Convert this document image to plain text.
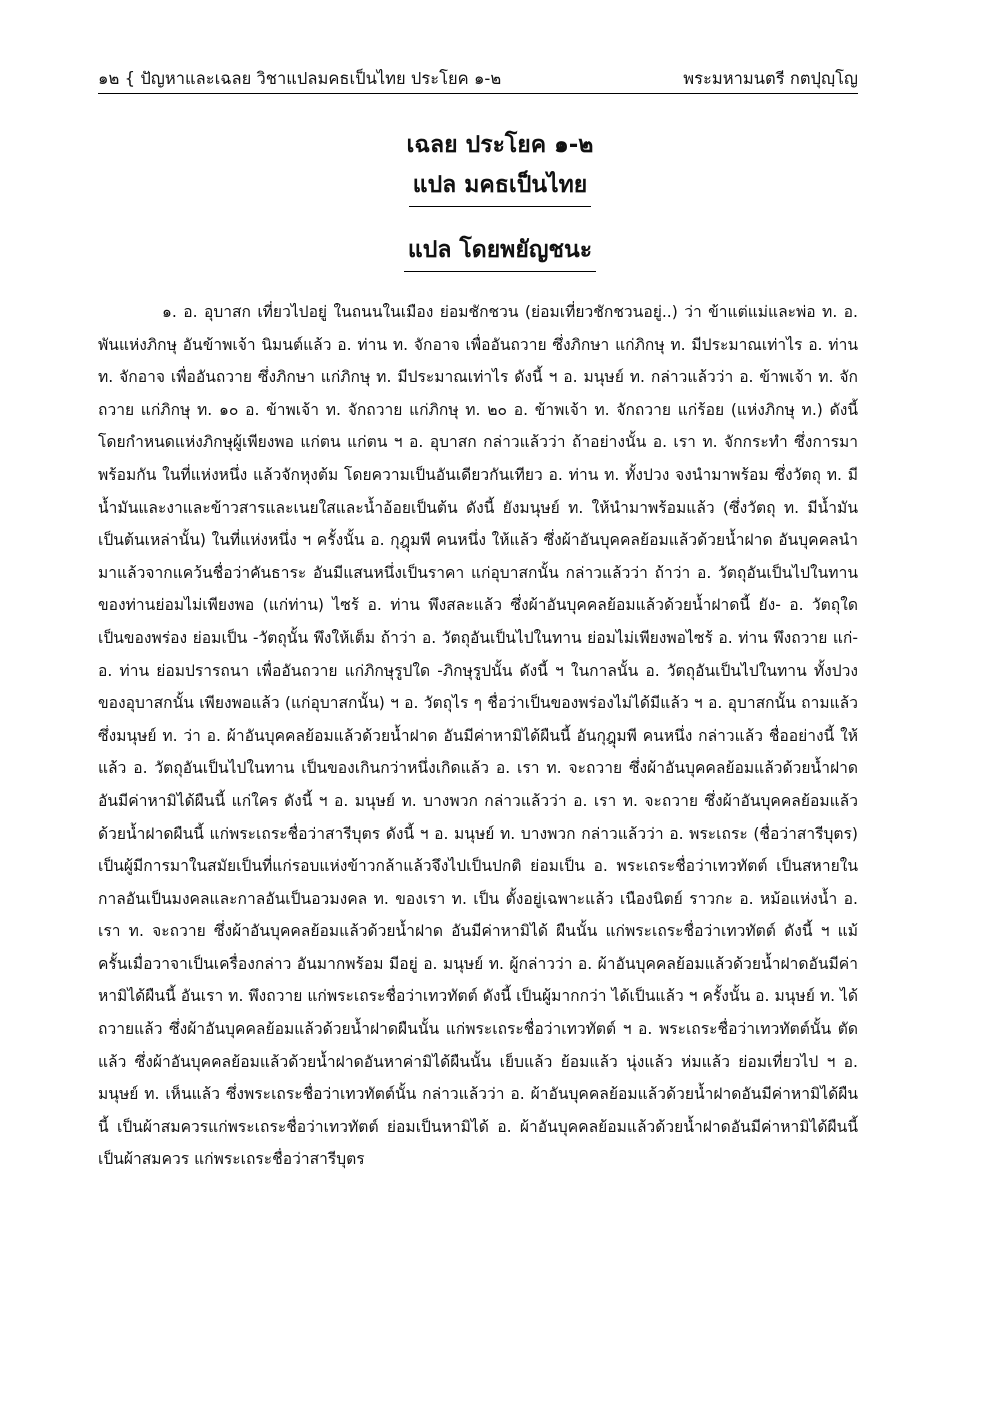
๑๒ { ปัญหาและเฉลย วิชาแปลมคธเป็นไทย ประโยค ๑-๒	พระมหามนตรี กตปุญฺโญ
เฉลย ประโยค ๑-๒
แปล มคธเป็นไทย
แปล โดยพยัญชนะ

๑. อ. อุบาสก เที่ยวไปอยู่ ในถนนในเมือง ย่อมชักชวน (ย่อมเที่ยวชักชวนอยู่..) ว่า ข้าแต่แม่และพ่อ ท. อ. พันแห่งภิกษุ อันข้าพเจ้า นิมนต์แล้ว อ. ท่าน ท. จักอาจ เพื่ออันถวาย ซึ่งภิกษา แก่ภิกษุ ท. มีประมาณเท่าไร อ. ท่าน ท. จักอาจ เพื่ออันถวาย ซึ่งภิกษา แก่ภิกษุ ท. มีประมาณเท่าไร ดังนี้ ฯ อ. มนุษย์ ท. กล่าวแล้วว่า อ. ข้าพเจ้า ท. จักถวาย แก่ภิกษุ ท. ๑๐ อ. ข้าพเจ้า ท. จักถวาย แก่ภิกษุ ท. ๒๐ อ. ข้าพเจ้า ท. จักถวาย แก่ร้อย (แห่งภิกษุ ท.) ดังนี้ โดยกำหนดแห่งภิกษุผู้เพียงพอ แก่ตน แก่ตน ฯ อ. อุบาสก กล่าวแล้วว่า ถ้าอย่างนั้น อ. เรา ท. จักกระทำ ซึ่งการมาพร้อมกัน ในที่แห่งหนึ่ง แล้วจักหุงต้ม โดยความเป็นอันเดียวกันเทียว อ. ท่าน ท. ทั้งปวง จงนำมาพร้อม ซึ่งวัตถุ ท. มีน้ำมันและงาและข้าวสารและเนยใสและน้ำอ้อยเป็นต้น ดังนี้ ยังมนุษย์ ท. ให้นำมาพร้อมแล้ว (ซึ่งวัตถุ ท. มีน้ำมันเป็นต้นเหล่านั้น) ในที่แห่งหนึ่ง ฯ ครั้งนั้น อ. กุฎุมพี คนหนึ่ง ให้แล้ว ซึ่งผ้าอันบุคคลย้อมแล้วด้วยน้ำฝาด อันบุคคลนำมาแล้วจากแคว้นชื่อว่าคันธาระ อันมีแสนหนึ่งเป็นราคา แก่อุบาสกนั้น กล่าวแล้วว่า ถ้าว่า อ. วัตถุอันเป็นไปในทาน ของท่านย่อมไม่เพียงพอ (แก่ท่าน) ไซร้ อ. ท่าน พึงสละแล้ว ซึ่งผ้าอันบุคคลย้อมแล้วด้วยน้ำฝาดนี้ ยัง- อ. วัตถุใด เป็นของพร่อง ย่อมเป็น -วัตถุนั้น พึงให้เต็ม ถ้าว่า อ. วัตถุอันเป็นไปในทาน ย่อมไม่เพียงพอไซร้ อ. ท่าน พึงถวาย แก่- อ. ท่าน ย่อมปรารถนา เพื่ออันถวาย แก่ภิกษุรูปใด -ภิกษุรูปนั้น ดังนี้ ฯ ในกาลนั้น อ. วัตถุอันเป็นไปในทาน ทั้งปวง ของอุบาสกนั้น เพียงพอแล้ว (แก่อุบาสกนั้น) ฯ อ. วัตถุไร ๆ ชื่อว่าเป็นของพร่องไม่ได้มีแล้ว ฯ อ. อุบาสกนั้น ถามแล้ว ซึ่งมนุษย์ ท. ว่า อ. ผ้าอันบุคคลย้อมแล้วด้วยน้ำฝาด อันมีค่าหามิได้ผืนนี้ อันกุฎุมพี คนหนึ่ง กล่าวแล้ว ชื่ออย่างนี้ ให้แล้ว อ. วัตถุอันเป็นไปในทาน เป็นของเกินกว่าหนึ่งเกิดแล้ว อ. เรา ท. จะถวาย ซึ่งผ้าอันบุคคลย้อมแล้วด้วยน้ำฝาดอันมีค่าหามิได้ผืนนี้ แก่ใคร ดังนี้ ฯ อ. มนุษย์ ท. บางพวก กล่าวแล้วว่า อ. เรา ท. จะถวาย ซึ่งผ้าอันบุคคลย้อมแล้วด้วยน้ำฝาดผืนนี้ แก่พระเถระชื่อว่าสารีบุตร ดังนี้ ฯ อ. มนุษย์ ท. บางพวก กล่าวแล้วว่า อ. พระเถระ (ชื่อว่าสารีบุตร) เป็นผู้มีการมาในสมัยเป็นที่แก่รอบแห่งข้าวกล้าแล้วจึงไปเป็นปกติ ย่อมเป็น อ. พระเถระชื่อว่าเทวทัตต์ เป็นสหายในกาลอันเป็นมงคลและกาลอันเป็นอวมงคล ท. ของเรา ท. เป็น ตั้งอยู่เฉพาะแล้ว เนืองนิตย์ ราวกะ อ. หม้อแห่งน้ำ อ. เรา ท. จะถวาย ซึ่งผ้าอันบุคคลย้อมแล้วด้วยน้ำฝาด อันมีค่าหามิได้ ผืนนั้น แก่พระเถระชื่อว่าเทวทัตต์ ดังนี้ ฯ แม้ครั้นเมื่อวาจาเป็นเครื่องกล่าว อันมากพร้อม มีอยู่ อ. มนุษย์ ท. ผู้กล่าวว่า อ. ผ้าอันบุคคลย้อมแล้วด้วยน้ำฝาดอันมีค่าหามิได้ผืนนี้ อันเรา ท. พึงถวาย แก่พระเถระชื่อว่าเทวทัตต์ ดังนี้ เป็นผู้มากกว่า ได้เป็นแล้ว ฯ ครั้งนั้น อ. มนุษย์ ท. ได้ถวายแล้ว ซึ่งผ้าอันบุคคลย้อมแล้วด้วยน้ำฝาดผืนนั้น แก่พระเถระชื่อว่าเทวทัตต์ ฯ อ. พระเถระชื่อว่าเทวทัตต์นั้น ตัดแล้ว ซึ่งผ้าอันบุคคลย้อมแล้วด้วยน้ำฝาดอันหาค่ามิได้ผืนนั้น เย็บแล้ว ย้อมแล้ว นุ่งแล้ว ห่มแล้ว ย่อมเที่ยวไป ฯ อ. มนุษย์ ท. เห็นแล้ว ซึ่งพระเถระชื่อว่าเทวทัตต์นั้น กล่าวแล้วว่า อ. ผ้าอันบุคคลย้อมแล้วด้วยน้ำฝาดอันมีค่าหามิได้ผืนนี้ เป็นผ้าสมควรแก่พระเถระชื่อว่าเทวทัตต์ ย่อมเป็นหามิได้ อ. ผ้าอันบุคคลย้อมแล้วด้วยน้ำฝาดอันมีค่าหามิได้ผืนนี้ เป็นผ้าสมควร แก่พระเถระชื่อว่าสารีบุตร
